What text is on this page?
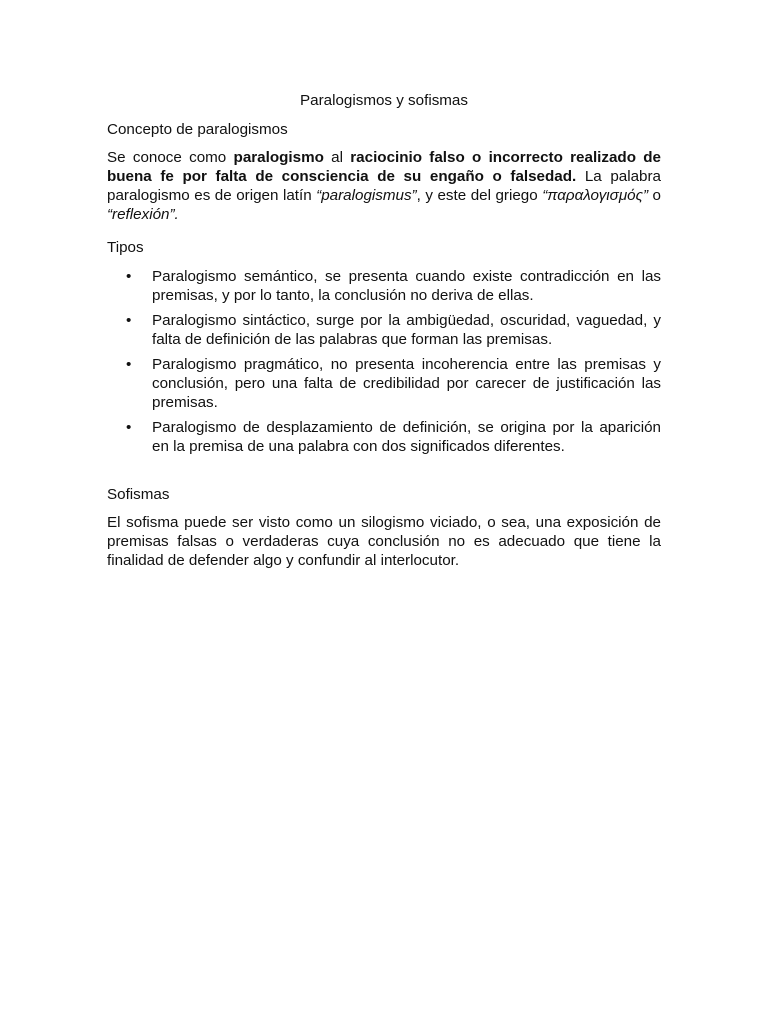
Paralogismos y sofismas
Concepto de paralogismos

Se conoce como paralogismo al raciocinio falso o incorrecto realizado de buena fe por falta de consciencia de su engaño o falsedad. La palabra paralogismo es de origen latín “paralogismus”, y este del griego “παραλογισμός” o “reflexión”.

Tipos
• Paralogismo semántico, se presenta cuando existe contradicción en las premisas, y por lo tanto, la conclusión no deriva de ellas.
• Paralogismo sintáctico, surge por la ambigüedad, oscuridad, vaguedad, y falta de definición de las palabras que forman las premisas.
• Paralogismo pragmático, no presenta incoherencia entre las premisas y conclusión, pero una falta de credibilidad por carecer de justificación las premisas.
• Paralogismo de desplazamiento de definición, se origina por la aparición en la premisa de una palabra con dos significados diferentes.
Sofismas

El sofisma puede ser visto como un silogismo viciado, o sea, una exposición de premisas falsas o verdaderas cuya conclusión no es adecuado que tiene la finalidad de defender algo y confundir al interlocutor.
